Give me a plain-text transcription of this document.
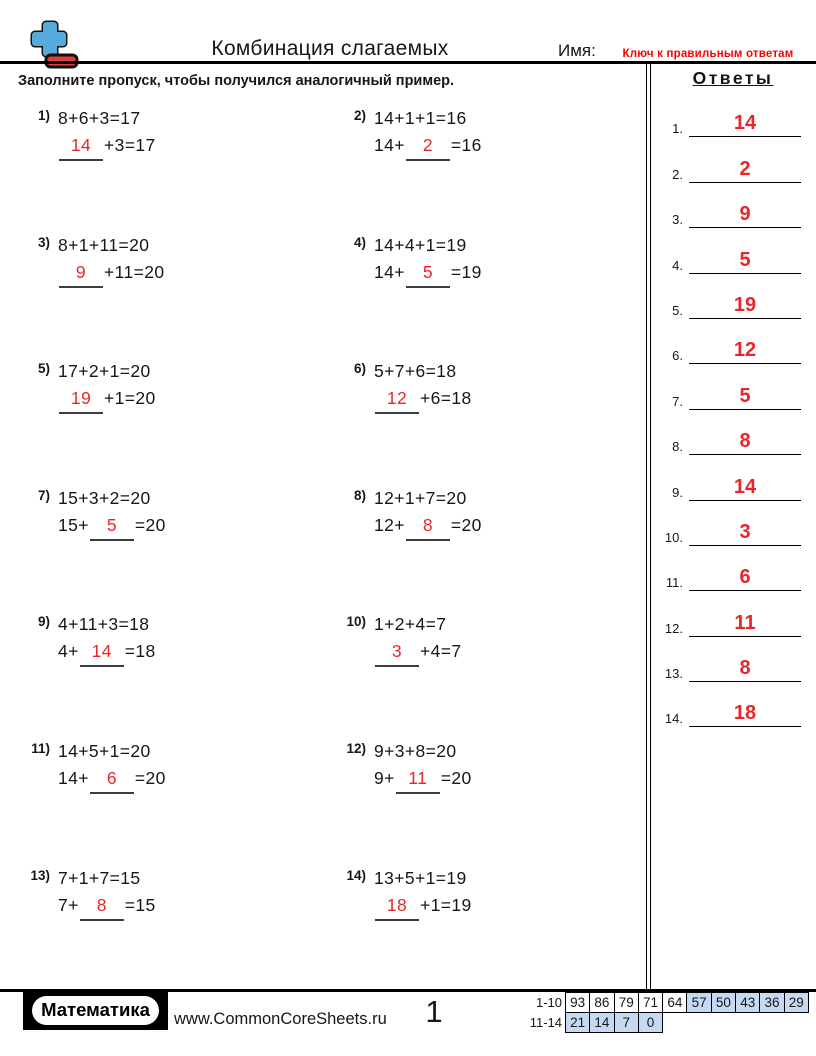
Комбинация слагаемых	Имя:	Ключ к правильным ответам
Заполните пропуск, чтобы получился аналогичный пример.
1) 8+6+3=17
14 +3=17
2) 14+1+1=16
14+	2	=16
3) 8+1+11=20
9	+11=20
4) 14+4+1=19
14+	5	=19
5) 17+2+1=20
19 +1=20
6) 5+7+6=18
12 +6=18
7) 15+3+2=20
15+	5	=20
8) 12+1+7=20
12+	8	=20
9) 4+11+3=18
4+ 14 =18
10) 1+2+4=7
3	+4=7
11) 14+5+1=20
14+	6	=20
12) 9+3+8=20
9+ 11 =20
13) 7+1+7=15
7+	8	=15
14) 13+5+1=19
18 +1=19
Ответы
1.	14
2.	2
3.	9
4.	5
5.	19
6.	12
7.	5
8.	8
9.	14
10.	3
11.	6
12.	11
13.	8
14.	18
Математика	www.CommonCoreSheets.ru	1	1-10 93 86 79 71 64 57 50 43 36 29
11-14 21 14 7	0
